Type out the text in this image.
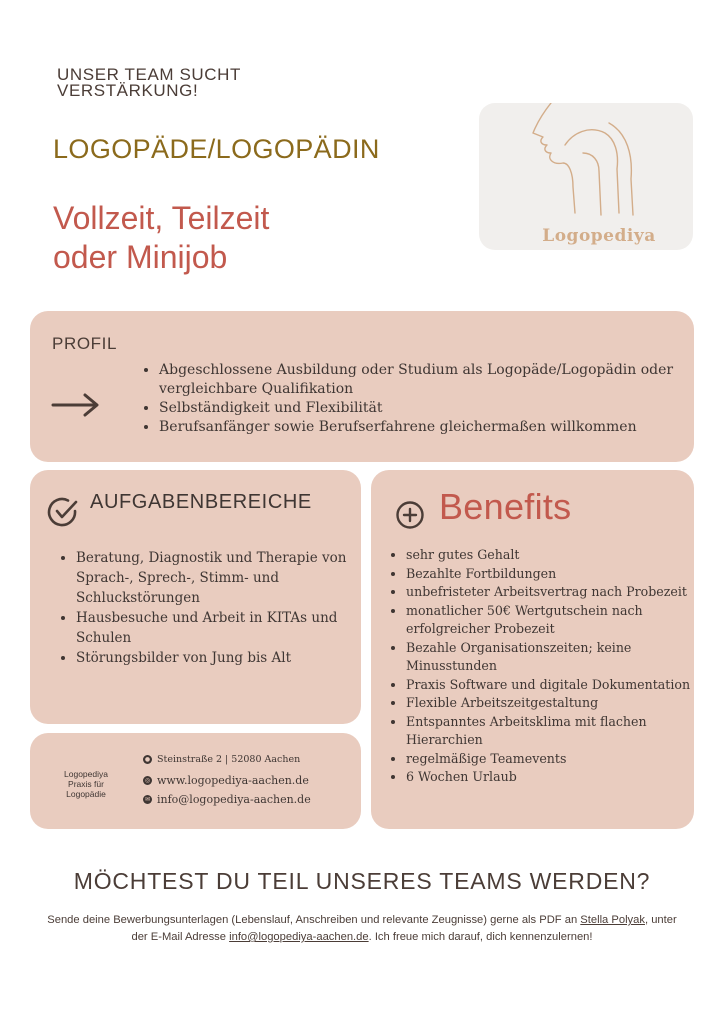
UNSER TEAM SUCHT VERSTÄRKUNG!
LOGOPÄDE/LOGOPÄDIN
Vollzeit, Teilzeit
oder Minijob
Logopediya
PROFIL
• Abgeschlossene Ausbildung oder Studium als Logopäde/Logopädin oder vergleichbare Qualifikation
• Selbständigkeit und Flexibilität
• Berufsanfänger sowie Berufserfahrene gleichermaßen willkommen
AUFGABENBEREICHE
• Beratung, Diagnostik und Therapie von Sprach-, Sprech-, Stimm- und Schluckstörungen
• Hausbesuche und Arbeit in KITAs und Schulen
• Störungsbilder von Jung bis Alt
Logopediya
Praxis für
Logopädie
● Steinstraße 2 | 52080 Aachen
◎ www.logopediya-aachen.de
✉ info@logopediya-aachen.de
Benefits
• sehr gutes Gehalt
• Bezahlte Fortbildungen
• unbefristeter Arbeitsvertrag nach Probezeit
• monatlicher 50€ Wertgutschein nach erfolgreicher Probezeit
• Bezahle Organisationszeiten; keine Minusstunden
• Praxis Software und digitale Dokumentation
• Flexible Arbeitszeitgestaltung
• Entspanntes Arbeitsklima mit flachen Hierarchien
• regelmäßige Teamevents
• 6 Wochen Urlaub
MÖCHTEST DU TEIL UNSERES TEAMS WERDEN?
Sende deine Bewerbungsunterlagen (Lebenslauf, Anschreiben und relevante Zeugnisse) gerne als PDF an Stella Polyak, unter der E-Mail Adresse info@logopediya-aachen.de. Ich freue mich darauf, dich kennenzulernen!
